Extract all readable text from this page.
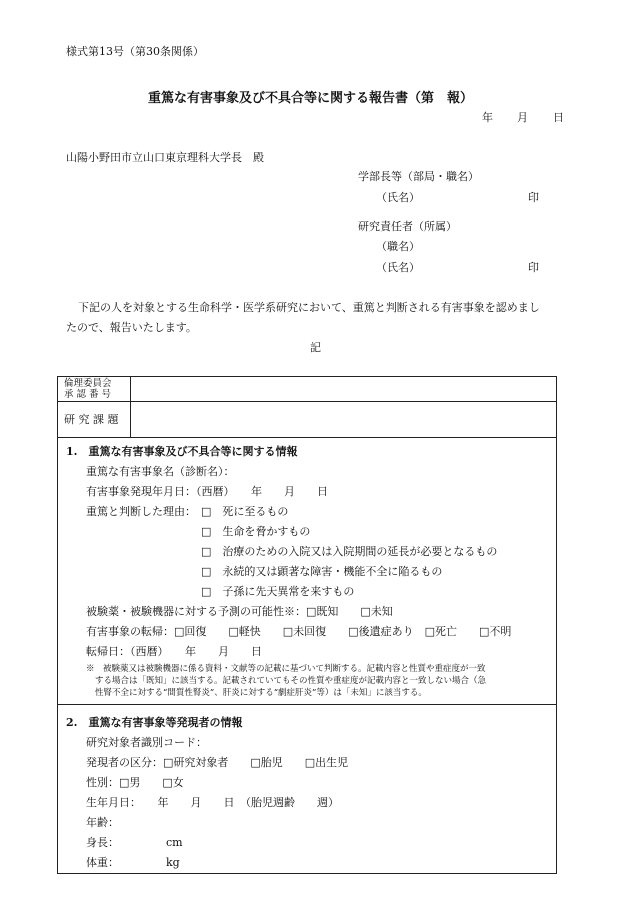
様式第13号（第30条関係）
重篤な有害事象及び不具合等に関する報告書（第　報）
年 月 日
山陽小野田市立山口東京理科大学長　殿
学部長等（部局・職名）
（氏名）	印
研究責任者（所属）
（職名）
（氏名）	印
下記の人を対象とする生命科学・医学系研究において、重篤と判断される有害事象を認めまし
たので、報告いたします。
記
倫理委員会
承 認 番 号
研 究 課 題
1.　重篤な有害事象及び不具合等に関する情報
重篤な有害事象名（診断名）：
有害事象発現年月日：（西暦）　　年　　月　　日
重篤と判断した理由： □　死に至るもの
□　生命を脅かすもの
□　治療のための入院又は入院期間の延長が必要となるもの
□　永続的又は顕著な障害・機能不全に陥るもの
□　子孫に先天異常を来すもの
被験薬・被験機器に対する予測の可能性※：□既知　　□未知
有害事象の転帰：□回復　　□軽快　　□未回復　　□後遺症あり　□死亡　　□不明
転帰日：（西暦）　　年　　月　　日
※　被験薬又は被験機器に係る資料・文献等の記載に基づいて判断する。記載内容と性質や重症度が一致
する場合は「既知」に該当する。記載されていてもその性質や重症度が記載内容と一致しない場合（急
性腎不全に対する“間質性腎炎”、肝炎に対する“劇症肝炎”等）は「未知」に該当する。
2.　重篤な有害事象等発現者の情報
研究対象者識別コード：
発現者の区分：□研究対象者　　□胎児　　□出生児
性別：□男　　□女
生年月日：　　年　　月　　日　（胎児週齢　　週）
年齢：
身長：	cm
体重：	kg
